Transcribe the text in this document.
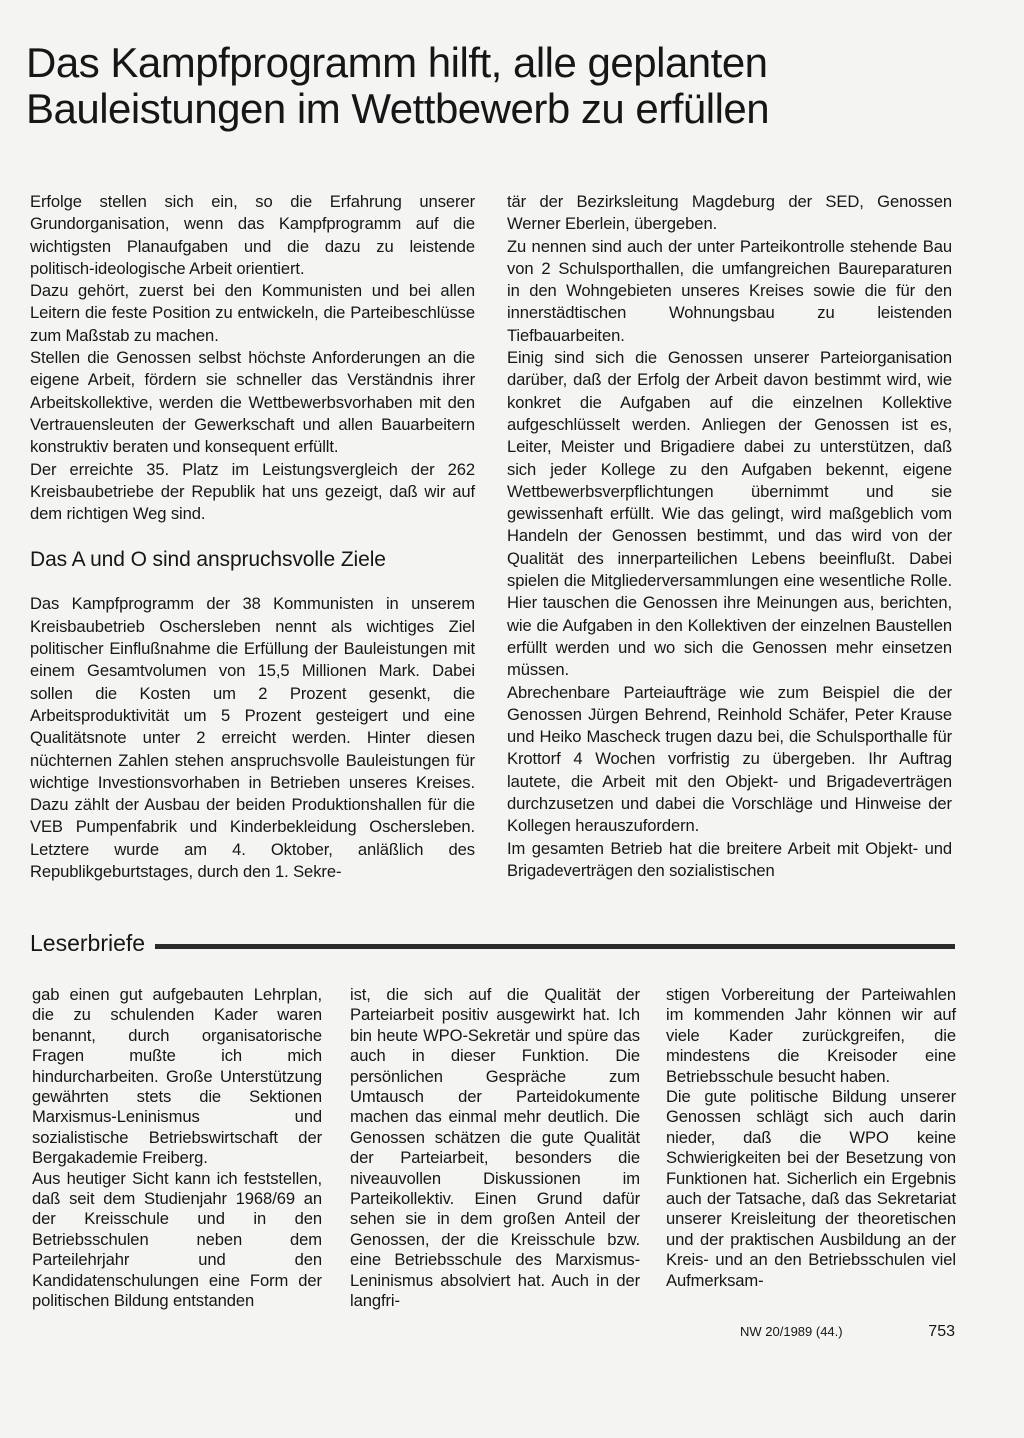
Das Kampfprogramm hilft, alle geplanten
Bauleistungen im Wettbewerb zu erfüllen

Erfolge stellen sich ein, so die Erfahrung unserer Grundorganisation, wenn das Kampfprogramm auf die wichtigsten Planaufgaben und die dazu zu leistende politisch-ideologische Arbeit orientiert.

Dazu gehört, zuerst bei den Kommunisten und bei allen Leitern die feste Position zu entwickeln, die Parteibeschlüsse zum Maßstab zu machen.

Stellen die Genossen selbst höchste Anforderungen an die eigene Arbeit, fördern sie schneller das Verständnis ihrer Arbeitskollektive, werden die Wettbewerbsvorhaben mit den Vertrauensleuten der Gewerkschaft und allen Bauarbeitern konstruktiv beraten und konsequent erfüllt.

Der erreichte 35. Platz im Leistungsvergleich der 262 Kreisbaubetriebe der Republik hat uns gezeigt, daß wir auf dem richtigen Weg sind.

Das A und O sind anspruchsvolle Ziele

Das Kampfprogramm der 38 Kommunisten in unserem Kreisbaubetrieb Oschersleben nennt als wichtiges Ziel politischer Einflußnahme die Erfüllung der Bauleistungen mit einem Gesamtvolumen von 15,5 Millionen Mark. Dabei sollen die Kosten um 2 Prozent gesenkt, die Arbeitsproduktivität um 5 Prozent gesteigert und eine Qualitätsnote unter 2 erreicht werden. Hinter diesen nüchternen Zahlen stehen anspruchsvolle Bauleistungen für wichtige Investionsvorhaben in Betrieben unseres Kreises. Dazu zählt der Ausbau der beiden Produktionshallen für die VEB Pumpenfabrik und Kinderbekleidung Oschersleben. Letztere wurde am 4. Oktober, anläßlich des Republikgeburtstages, durch den 1. Sekre-

tär der Bezirksleitung Magdeburg der SED, Genossen Werner Eberlein, übergeben.

Zu nennen sind auch der unter Parteikontrolle stehende Bau von 2 Schulsporthallen, die umfangreichen Baureparaturen in den Wohngebieten unseres Kreises sowie die für den innerstädtischen Wohnungsbau zu leistenden Tiefbauarbeiten.

Einig sind sich die Genossen unserer Parteiorganisation darüber, daß der Erfolg der Arbeit davon bestimmt wird, wie konkret die Aufgaben auf die einzelnen Kollektive aufgeschlüsselt werden. Anliegen der Genossen ist es, Leiter, Meister und Brigadiere dabei zu unterstützen, daß sich jeder Kollege zu den Aufgaben bekennt, eigene Wettbewerbsverpflichtungen übernimmt und sie gewissenhaft erfüllt. Wie das gelingt, wird maßgeblich vom Handeln der Genossen bestimmt, und das wird von der Qualität des innerparteilichen Lebens beeinflußt. Dabei spielen die Mitgliederversammlungen eine wesentliche Rolle. Hier tauschen die Genossen ihre Meinungen aus, berichten, wie die Aufgaben in den Kollektiven der einzelnen Baustellen erfüllt werden und wo sich die Genossen mehr einsetzen müssen.

Abrechenbare Parteiaufträge wie zum Beispiel die der Genossen Jürgen Behrend, Reinhold Schäfer, Peter Krause und Heiko Mascheck trugen dazu bei, die Schulsporthalle für Krottorf 4 Wochen vorfristig zu übergeben. Ihr Auftrag lautete, die Arbeit mit den Objekt- und Brigadeverträgen durchzusetzen und dabei die Vorschläge und Hinweise der Kollegen herauszufordern.

Im gesamten Betrieb hat die breitere Arbeit mit Objekt- und Brigadeverträgen den sozialistischen

Leserbriefe

gab einen gut aufgebauten Lehrplan, die zu schulenden Kader waren benannt, durch organisatorische Fragen mußte ich mich hindurcharbeiten. Große Unterstützung gewährten stets die Sektionen Marxismus-Leninismus und sozialistische Betriebswirtschaft der Bergakademie Freiberg.

Aus heutiger Sicht kann ich feststellen, daß seit dem Studienjahr 1968/69 an der Kreisschule und in den Betriebsschulen neben dem Parteilehrjahr und den Kandidatenschulungen eine Form der politischen Bildung entstanden

ist, die sich auf die Qualität der Parteiarbeit positiv ausgewirkt hat. Ich bin heute WPO-Sekretär und spüre das auch in dieser Funktion. Die persönlichen Gespräche zum Umtausch der Parteidokumente machen das einmal mehr deutlich. Die Genossen schätzen die gute Qualität der Parteiarbeit, besonders die niveauvollen Diskussionen im Parteikollektiv. Einen Grund dafür sehen sie in dem großen Anteil der Genossen, der die Kreisschule bzw. eine Betriebsschule des Marxismus-Leninismus absolviert hat. Auch in der langfri-

stigen Vorbereitung der Parteiwahlen im kommenden Jahr können wir auf viele Kader zurückgreifen, die mindestens die Kreisoder eine Betriebsschule besucht haben.

Die gute politische Bildung unserer Genossen schlägt sich auch darin nieder, daß die WPO keine Schwierigkeiten bei der Besetzung von Funktionen hat. Sicherlich ein Ergebnis auch der Tatsache, daß das Sekretariat unserer Kreisleitung der theoretischen und der praktischen Ausbildung an der Kreis- und an den Betriebsschulen viel Aufmerksam-

NW 20/1989 (44.)	753
